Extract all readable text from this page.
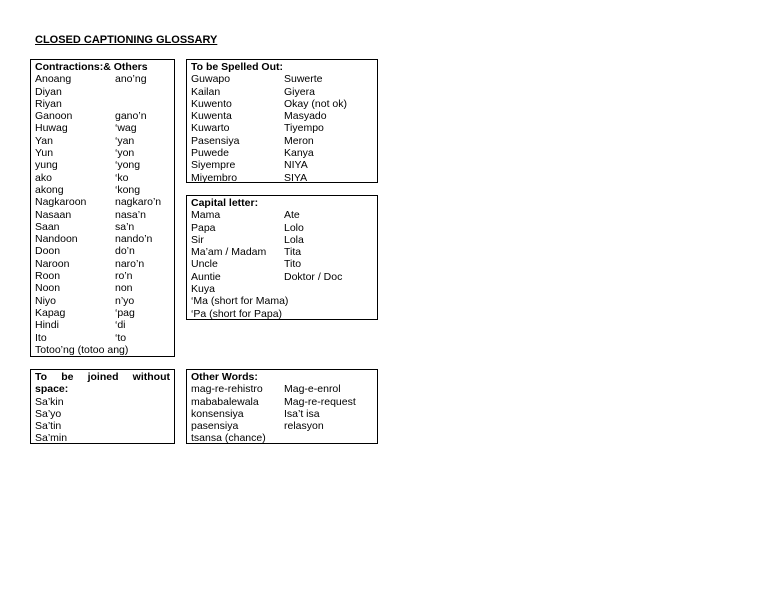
CLOSED CAPTIONING GLOSSARY
Contractions:& Others
Anoang	ano’ng
Diyan
Riyan
Ganoon	gano’n
Huwag	‘wag
Yan	‘yan
Yun	‘yon
yung	‘yong
ako	‘ko
akong	‘kong
Nagkaroon	nagkaro’n
Nasaan	nasa’n
Saan	sa’n
Nandoon	nando’n
Doon	do’n
Naroon	naro’n
Roon	ro’n
Noon	non
Niyo	n’yo
Kapag	‘pag
Hindi	‘di
Ito	‘to
Totoo’ng (totoo ang)
To be Spelled Out:
Guwapo	Suwerte
Kailan	Giyera
Kuwento	Okay (not ok)
Kuwenta	Masyado
Kuwarto	Tiyempo
Pasensiya	Meron
Puwede	Kanya
Siyempre	NIYA
Miyembro	SIYA
Capital letter:
Mama	Ate
Papa	Lolo
Sir	Lola
Ma’am / Madam	Tita
Uncle	Tito
Auntie	Doktor / Doc
Kuya
‘Ma (short for Mama)
‘Pa (short for Papa)
To be joined without space:
Sa’kin
Sa’yo
Sa’tin
Sa’min
Other Words:
mag-re-rehistro	Mag-e-enrol
mababalewala	Mag-re-request
konsensiya	Isa’t isa
pasensiya	relasyon
tsansa (chance)
